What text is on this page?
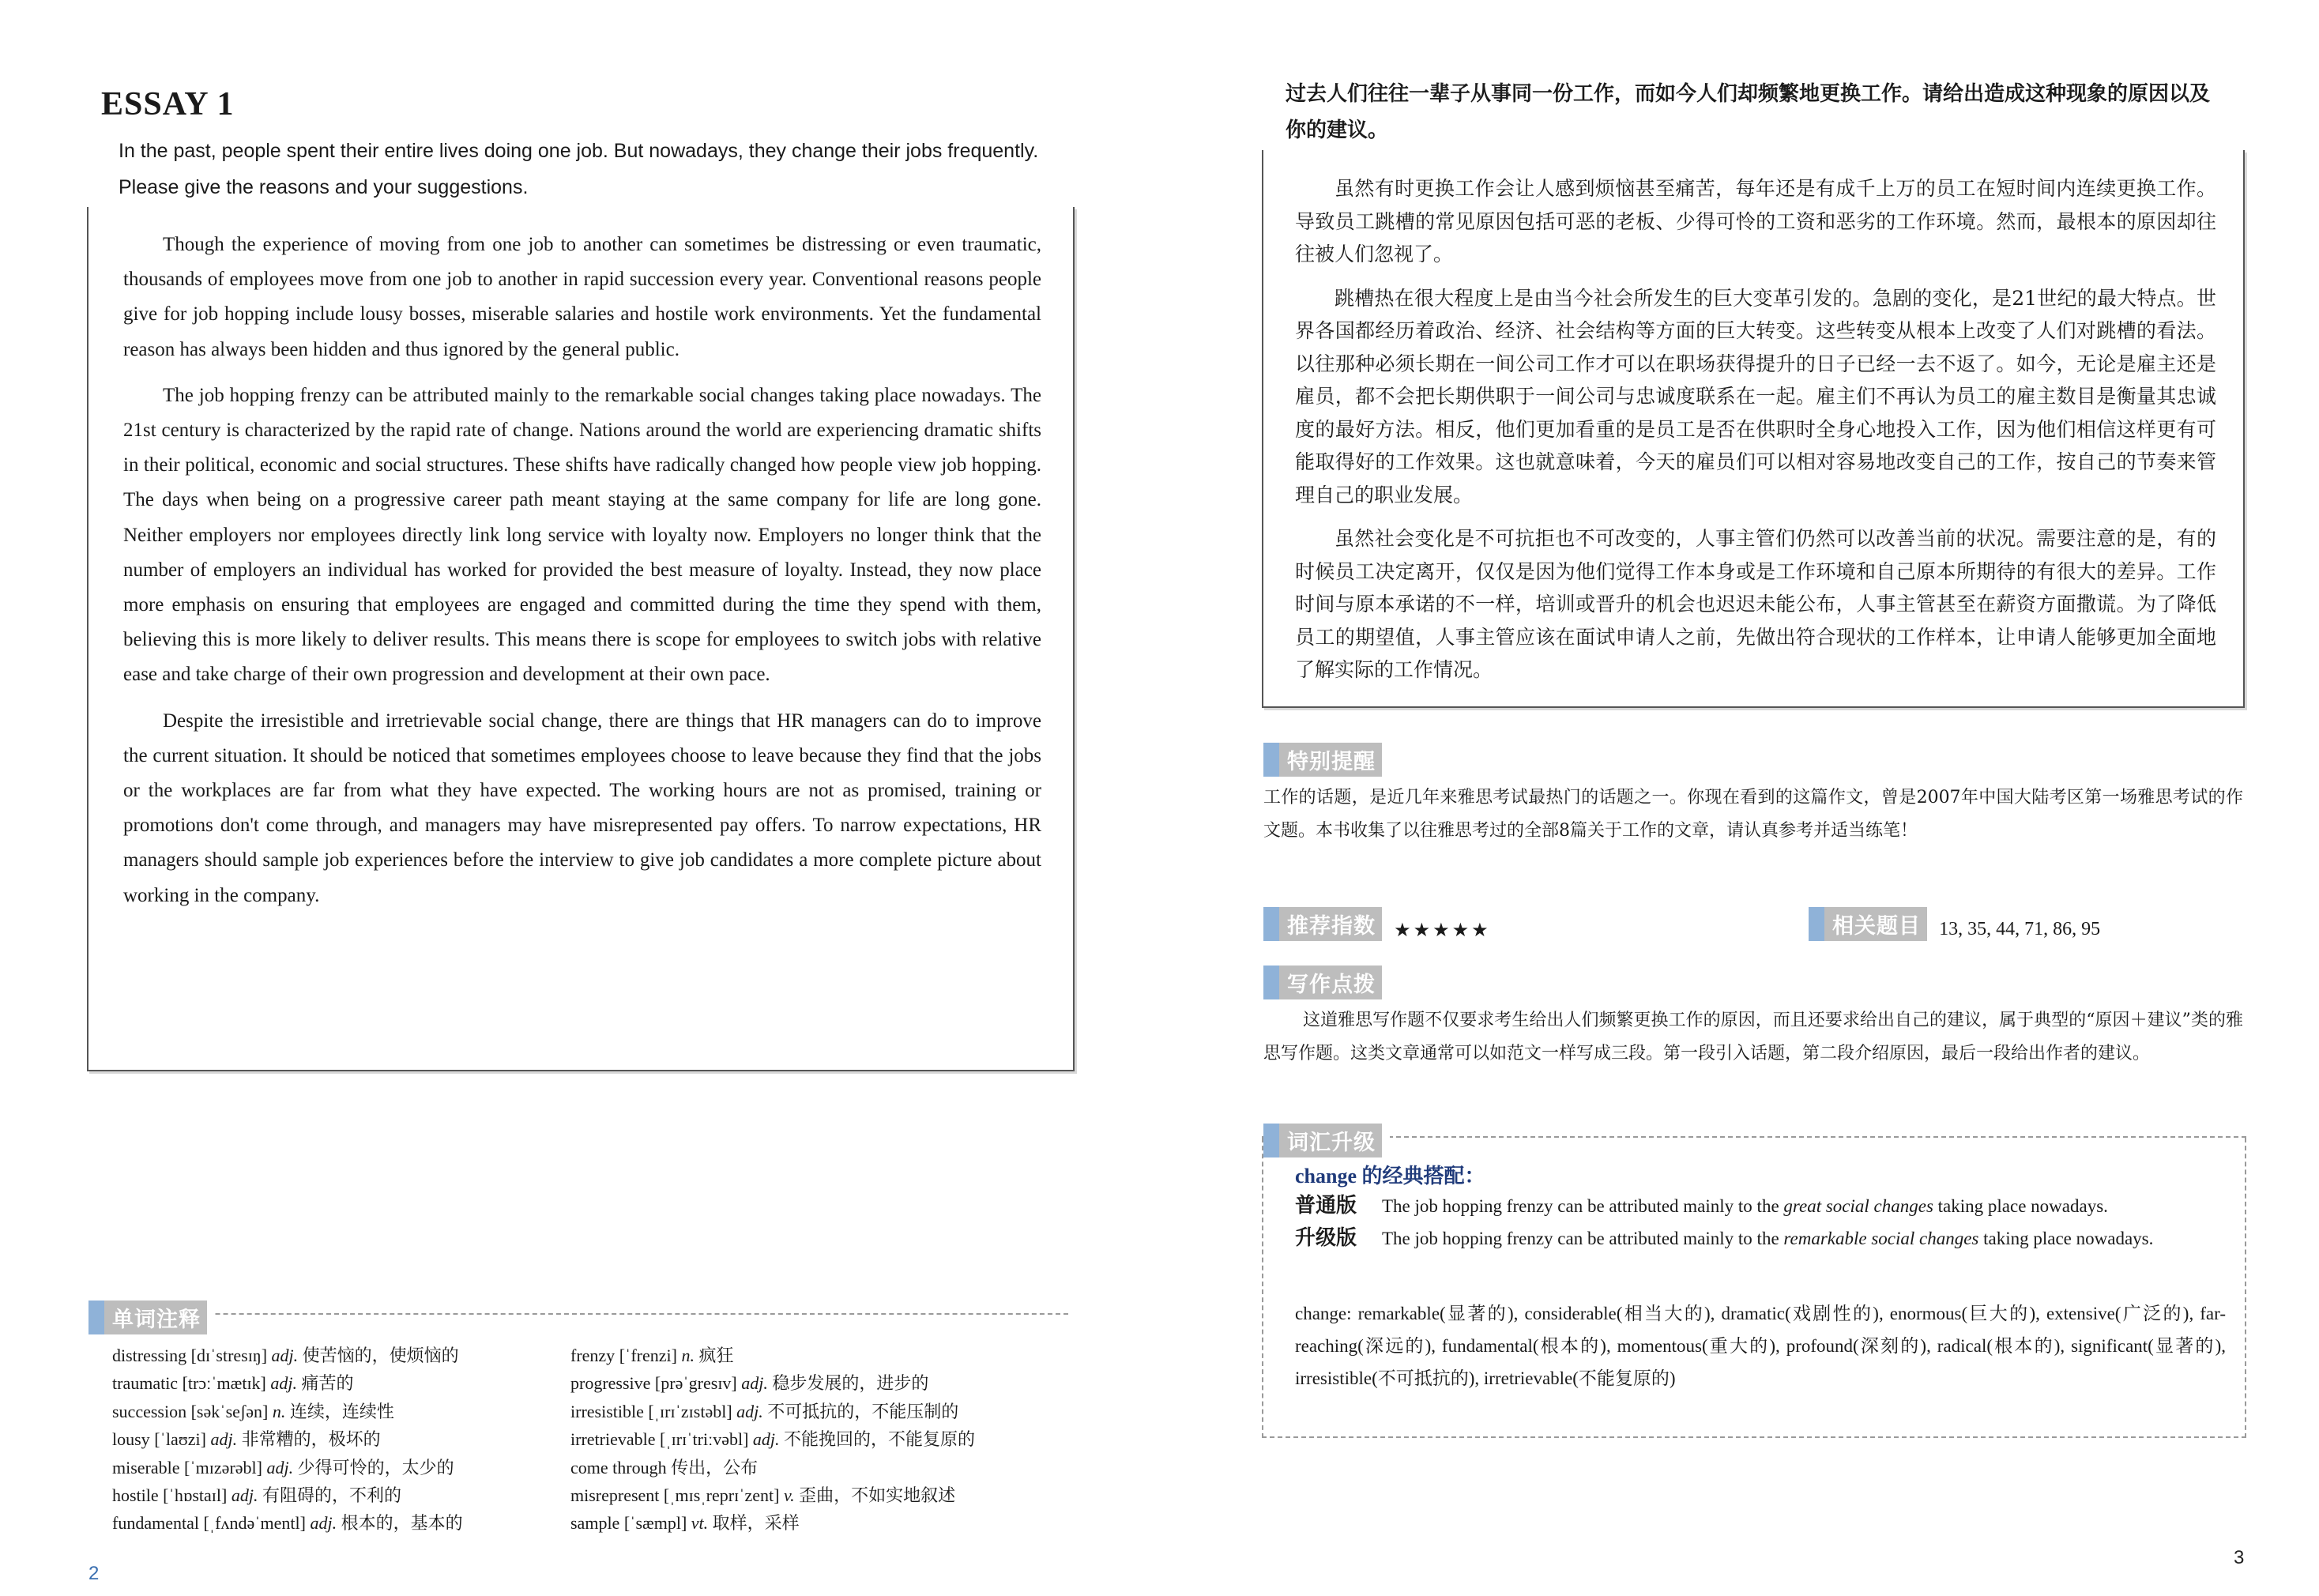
ESSAY 1

In the past, people spent their entire lives doing one job. But nowadays, they change their jobs frequently. Please give the reasons and your suggestions.

Though the experience of moving from one job to another can sometimes be distressing or even traumatic, thousands of employees move from one job to another in rapid succession every year. Conventional reasons people give for job hopping include lousy bosses, miserable salaries and hostile work environments. Yet the fundamental reason has always been hidden and thus ignored by the general public.

The job hopping frenzy can be attributed mainly to the remarkable social changes taking place nowadays. The 21st century is characterized by the rapid rate of change. Nations around the world are experiencing dramatic shifts in their political, economic and social structures. These shifts have radically changed how people view job hopping. The days when being on a progressive career path meant staying at the same company for life are long gone. Neither employers nor employees directly link long service with loyalty now. Employers no longer think that the number of employers an individual has worked for provided the best measure of loyalty. Instead, they now place more emphasis on ensuring that employees are engaged and committed during the time they spend with them, believing this is more likely to deliver results. This means there is scope for employees to switch jobs with relative ease and take charge of their own progression and development at their own pace.

Despite the irresistible and irretrievable social change, there are things that HR managers can do to improve the current situation. It should be noticed that sometimes employees choose to leave because they find that the jobs or the workplaces are far from what they have expected. The working hours are not as promised, training or promotions don't come through, and managers may have misrepresented pay offers. To narrow expectations, HR managers should sample job experiences before the interview to give job candidates a more complete picture about working in the company.

单词注释
distressing [dɪˈstresɪŋ] adj. 使苦恼的，使烦恼的
traumatic [trɔːˈmætɪk] adj. 痛苦的
succession [səkˈseʃən] n. 连续，连续性
lousy [ˈlaʊzi] adj. 非常糟的，极坏的
miserable [ˈmɪzərəbl] adj. 少得可怜的，太少的
hostile [ˈhɒstaɪl] adj. 有阻碍的，不利的
fundamental [ˌfʌndəˈmentl] adj. 根本的，基本的
frenzy [ˈfrenzi] n. 疯狂
progressive [prəˈgresɪv] adj. 稳步发展的，进步的
irresistible [ˌɪrɪˈzɪstəbl] adj. 不可抵抗的，不能压制的
irretrievable [ˌɪrɪˈtriːvəbl] adj. 不能挽回的，不能复原的
come through 传出，公布
misrepresent [ˌmɪsˌreprɪˈzent] v. 歪曲，不如实地叙述
sample [ˈsæmpl] vt. 取样，采样
2

过去人们往往一辈子从事同一份工作，而如今人们却频繁地更换工作。请给出造成这种现象的原因以及你的建议。

虽然有时更换工作会让人感到烦恼甚至痛苦，每年还是有成千上万的员工在短时间内连续更换工作。导致员工跳槽的常见原因包括可恶的老板、少得可怜的工资和恶劣的工作环境。然而，最根本的原因却往往被人们忽视了。

跳槽热在很大程度上是由当今社会所发生的巨大变革引发的。急剧的变化，是21世纪的最大特点。世界各国都经历着政治、经济、社会结构等方面的巨大转变。这些转变从根本上改变了人们对跳槽的看法。以往那种必须长期在一间公司工作才可以在职场获得提升的日子已经一去不返了。如今，无论是雇主还是雇员，都不会把长期供职于一间公司与忠诚度联系在一起。雇主们不再认为员工的雇主数目是衡量其忠诚度的最好方法。相反，他们更加看重的是员工是否在供职时全身心地投入工作，因为他们相信这样更有可能取得好的工作效果。这也就意味着，今天的雇员们可以相对容易地改变自己的工作，按自己的节奏来管理自己的职业发展。

虽然社会变化是不可抗拒也不可改变的，人事主管们仍然可以改善当前的状况。需要注意的是，有的时候员工决定离开，仅仅是因为他们觉得工作本身或是工作环境和自己原本所期待的有很大的差异。工作时间与原本承诺的不一样，培训或晋升的机会也迟迟未能公布，人事主管甚至在薪资方面撒谎。为了降低员工的期望值，人事主管应该在面试申请人之前，先做出符合现状的工作样本，让申请人能够更加全面地了解实际的工作情况。

特别提醒

工作的话题，是近几年来雅思考试最热门的话题之一。你现在看到的这篇作文，曾是2007年中国大陆考区第一场雅思考试的作文题。本书收集了以往雅思考过的全部8篇关于工作的文章，请认真参考并适当练笔！

推荐指数 ★★★★★	相关题目 13, 35, 44, 71, 86, 95
写作点拨

这道雅思写作题不仅要求考生给出人们频繁更换工作的原因，而且还要求给出自己的建议，属于典型的“原因＋建议”类的雅思写作题。这类文章通常可以如范文一样写成三段。第一段引入话题，第二段介绍原因，最后一段给出作者的建议。

词汇升级
change 的经典搭配：
普通版	The job hopping frenzy can be attributed mainly to the great social changes taking place nowadays.
升级版	The job hopping frenzy can be attributed mainly to the remarkable social changes taking place nowadays.

change: remarkable(显著的), considerable(相当大的), dramatic(戏剧性的), enormous(巨大的), extensive(广泛的), far-reaching(深远的), fundamental(根本的), momentous(重大的), profound(深刻的), radical(根本的), significant(显著的), irresistible(不可抵抗的), irretrievable(不能复原的)

3
